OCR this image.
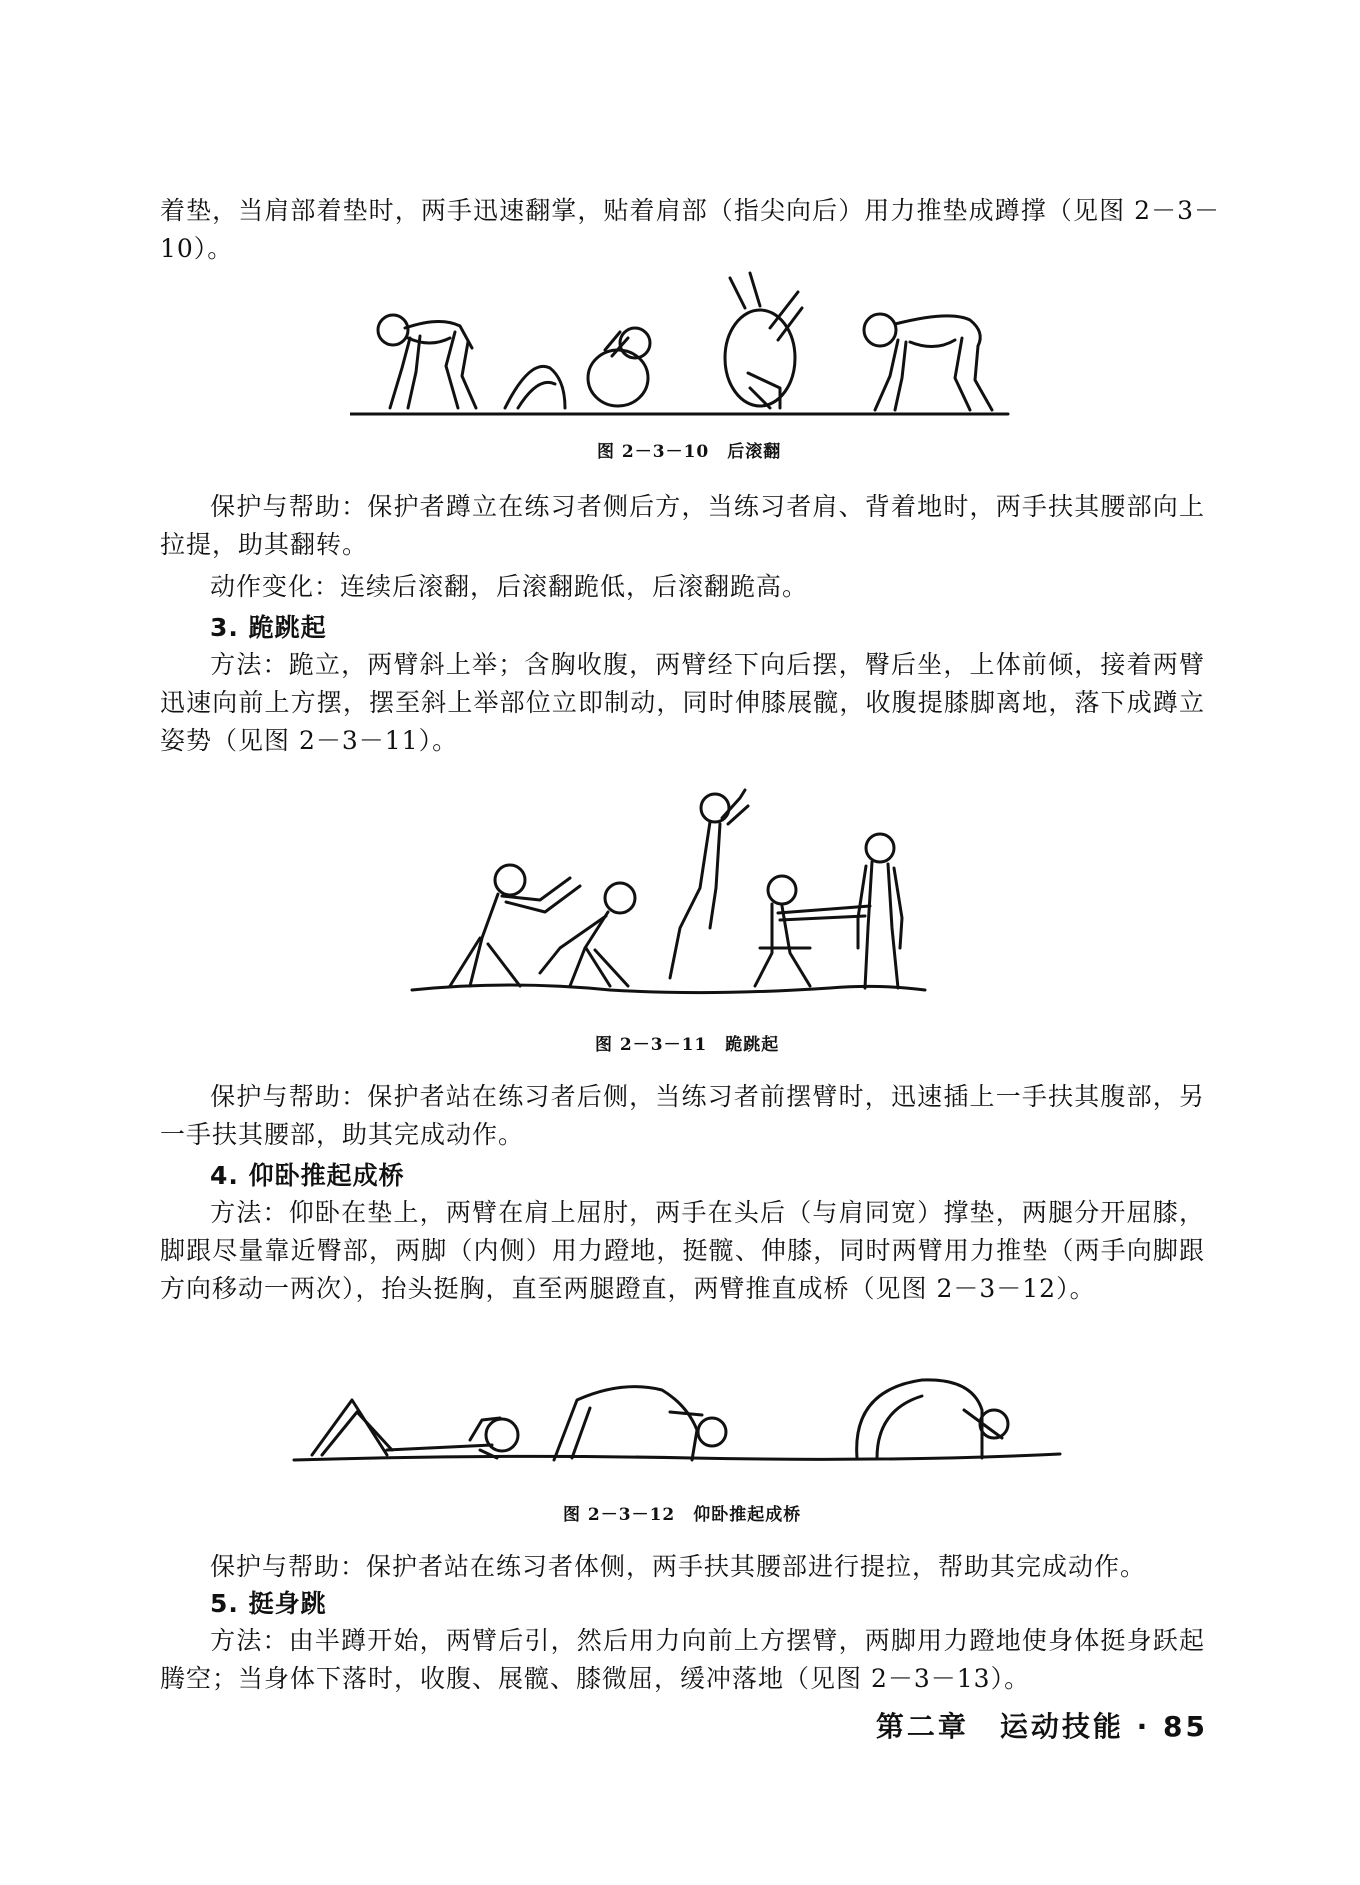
着垫，当肩部着垫时，两手迅速翻掌，贴着肩部（指尖向后）用力推垫成蹲撑（见图 2－3－10）。

图 2－3－10　后滚翻

保护与帮助：保护者蹲立在练习者侧后方，当练习者肩、背着地时，两手扶其腰部向上拉提，助其翻转。

动作变化：连续后滚翻，后滚翻跪低，后滚翻跪高。

3. 跪跳起

方法：跪立，两臂斜上举；含胸收腹，两臂经下向后摆，臀后坐，上体前倾，接着两臂迅速向前上方摆，摆至斜上举部位立即制动，同时伸膝展髋，收腹提膝脚离地，落下成蹲立姿势（见图 2－3－11）。

图 2－3－11　跪跳起

保护与帮助：保护者站在练习者后侧，当练习者前摆臂时，迅速插上一手扶其腹部，另一手扶其腰部，助其完成动作。

4. 仰卧推起成桥

方法：仰卧在垫上，两臂在肩上屈肘，两手在头后（与肩同宽）撑垫，两腿分开屈膝，脚跟尽量靠近臀部，两脚（内侧）用力蹬地，挺髋、伸膝，同时两臂用力推垫（两手向脚跟方向移动一两次），抬头挺胸，直至两腿蹬直，两臂推直成桥（见图 2－3－12）。

图 2－3－12　仰卧推起成桥

保护与帮助：保护者站在练习者体侧，两手扶其腰部进行提拉，帮助其完成动作。

5. 挺身跳

方法：由半蹲开始，两臂后引，然后用力向前上方摆臂，两脚用力蹬地使身体挺身跃起腾空；当身体下落时，收腹、展髋、膝微屈，缓冲落地（见图 2－3－13）。

第二章　运动技能 · 85
